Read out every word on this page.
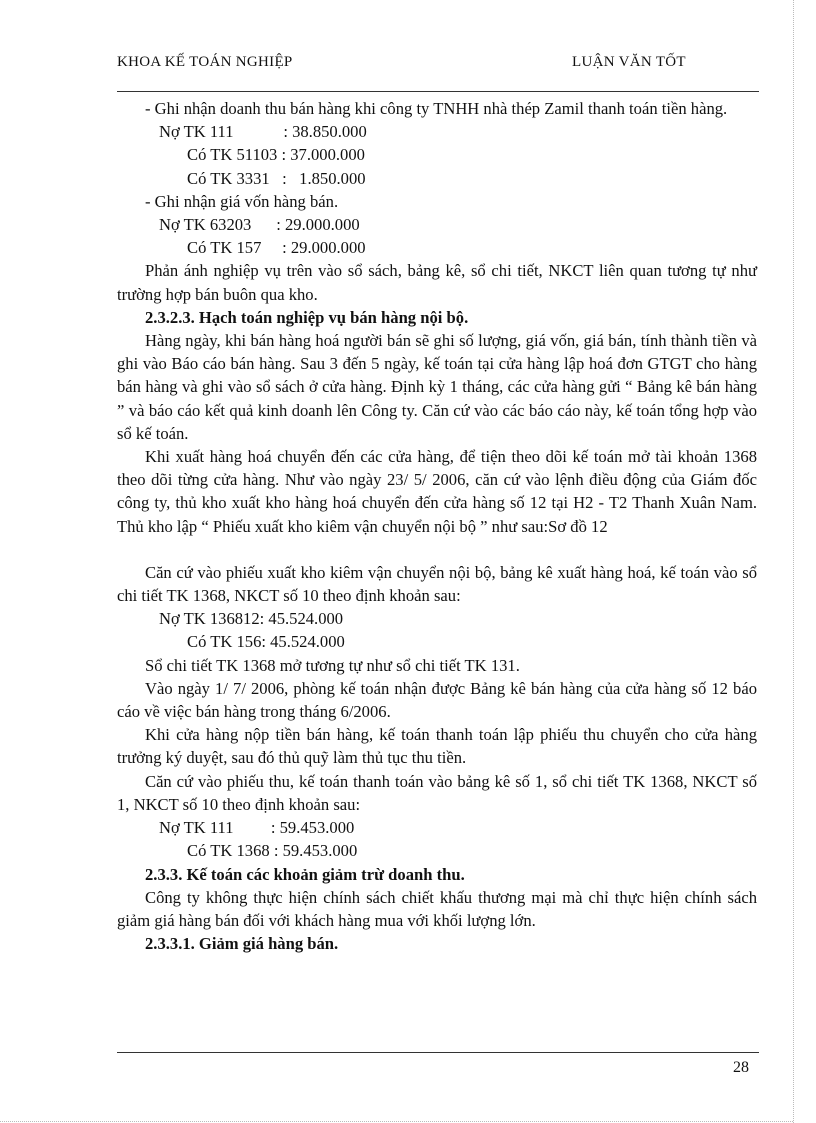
KHOA KẾ TOÁN NGHIỆP	LUẬN VĂN TỐT

- Ghi nhận doanh thu bán hàng khi công ty TNHH nhà thép Zamil thanh toán tiền hàng.

Nợ TK 111            : 38.850.000

Có TK 51103 : 37.000.000

Có TK 3331   :   1.850.000

- Ghi nhận giá vốn hàng bán.

Nợ TK 63203      : 29.000.000

Có TK 157     : 29.000.000

Phản ánh nghiệp vụ trên vào sổ sách, bảng kê, sổ chi tiết, NKCT liên quan tương tự như trường hợp bán buôn qua kho.

2.3.2.3. Hạch toán nghiệp vụ bán hàng nội bộ.

Hàng ngày, khi bán hàng hoá người bán sẽ ghi số lượng, giá vốn, giá bán, tính thành tiền và ghi vào Báo cáo bán hàng. Sau 3 đến 5 ngày, kế toán tại cửa hàng lập hoá đơn GTGT cho hàng bán hàng và ghi vào sổ sách ở cửa hàng. Định kỳ 1 tháng, các cửa hàng gửi “ Bảng kê bán hàng ” và báo cáo kết quả kinh doanh lên Công ty. Căn cứ vào các báo cáo này, kế toán tổng hợp vào sổ kế toán.

Khi xuất hàng hoá chuyển đến các cửa hàng, để tiện theo dõi kế toán mở tài khoản 1368 theo dõi từng cửa hàng. Như vào ngày 23/ 5/ 2006, căn cứ vào lệnh điều động của Giám đốc công ty, thủ kho xuất kho hàng hoá chuyển đến cửa hàng số 12 tại H2 - T2 Thanh Xuân Nam. Thủ kho lập “ Phiếu xuất kho kiêm vận chuyển nội bộ ” như sau:Sơ đồ 12

Căn cứ vào phiếu xuất kho kiêm vận chuyển nội bộ, bảng kê xuất hàng hoá, kế toán vào sổ chi tiết TK 1368, NKCT số 10 theo định khoản sau:

Nợ TK 136812: 45.524.000

Có TK 156: 45.524.000

Sổ chi tiết TK 1368 mở tương tự như sổ chi tiết TK 131.

Vào ngày 1/ 7/ 2006, phòng kế toán nhận được Bảng kê bán hàng của cửa hàng số 12 báo cáo về việc bán hàng trong tháng 6/2006.

Khi cửa hàng nộp tiền bán hàng, kế toán thanh toán lập phiếu thu chuyển cho cửa hàng trưởng ký duyệt, sau đó thủ quỹ làm thủ tục thu tiền.

Căn cứ vào phiếu thu, kế toán thanh toán vào bảng kê số 1, sổ chi tiết TK 1368, NKCT số 1, NKCT số 10 theo định khoản sau:

Nợ TK 111         : 59.453.000

Có TK 1368 : 59.453.000

2.3.3. Kế toán các khoản giảm trừ doanh thu.

Công ty không thực hiện chính sách chiết khấu thương mại mà chỉ thực hiện chính sách giảm giá hàng bán đối với khách hàng mua với khối lượng lớn.

2.3.3.1. Giảm giá hàng bán.

28
